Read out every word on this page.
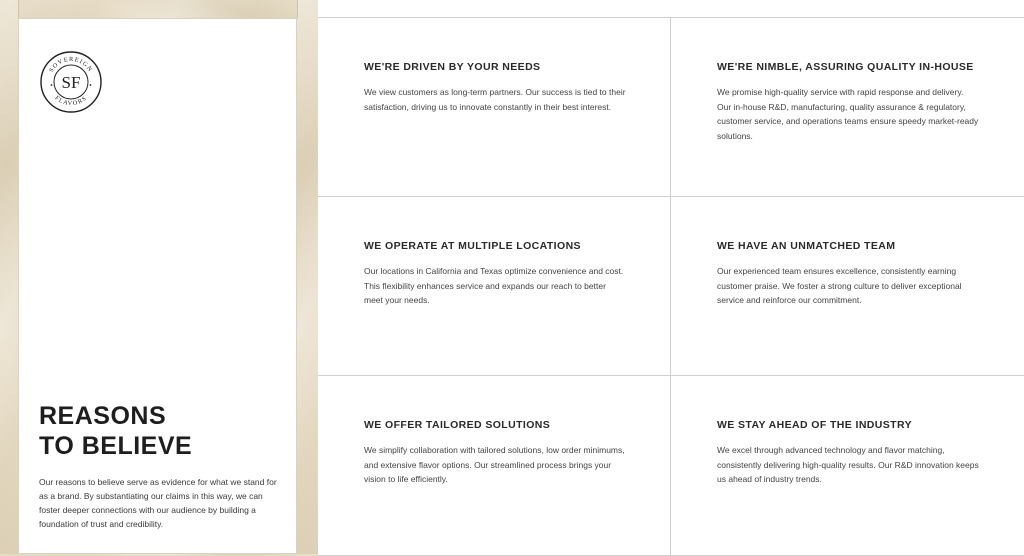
SOVEREIGN
FLAVORS
SF
REASONS
TO BELIEVE

Our reasons to believe serve as evidence for what we stand for as a brand. By substantiating our claims in this way, we can foster deeper connections with our audience by building a foundation of trust and credibility.

WE'RE DRIVEN BY YOUR NEEDS

We view customers as long-term partners. Our success is tied to their satisfaction, driving us to innovate constantly in their best interest.

WE'RE NIMBLE, ASSURING QUALITY IN-HOUSE

We promise high-quality service with rapid response and delivery. Our in-house R&D, manufacturing, quality assurance & regulatory, customer service, and operations teams ensure speedy market-ready solutions.

WE OPERATE AT MULTIPLE LOCATIONS

Our locations in California and Texas optimize convenience and cost. This flexibility enhances service and expands our reach to better meet your needs.

WE HAVE AN UNMATCHED TEAM

Our experienced team ensures excellence, consistently earning customer praise. We foster a strong culture to deliver exceptional service and reinforce our commitment.

WE OFFER TAILORED SOLUTIONS

We simplify collaboration with tailored solutions, low order minimums, and extensive flavor options. Our streamlined process brings your vision to life efficiently.

WE STAY AHEAD OF THE INDUSTRY

We excel through advanced technology and flavor matching, consistently delivering high-quality results. Our R&D innovation keeps us ahead of industry trends.
